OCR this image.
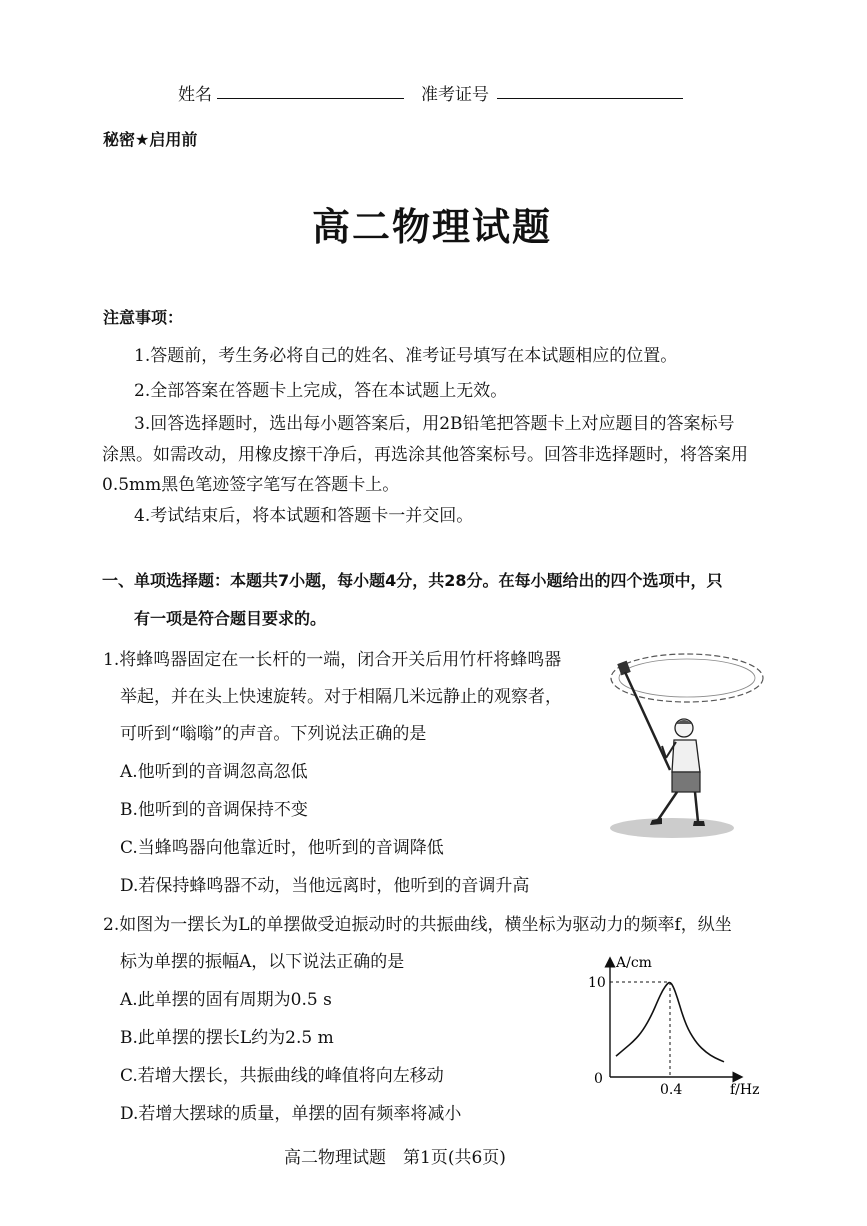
姓名	准考证号
秘密★启用前
高二物理试题
注意事项：
1.答题前，考生务必将自己的姓名、准考证号填写在本试题相应的位置。
2.全部答案在答题卡上完成，答在本试题上无效。
3.回答选择题时，选出每小题答案后，用2B铅笔把答题卡上对应题目的答案标号
涂黑。如需改动，用橡皮擦干净后，再选涂其他答案标号。回答非选择题时，将答案用
0.5mm黑色笔迹签字笔写在答题卡上。
4.考试结束后，将本试题和答题卡一并交回。
一、单项选择题：本题共7小题，每小题4分，共28分。在每小题给出的四个选项中，只
有一项是符合题目要求的。
1.将蜂鸣器固定在一长杆的一端，闭合开关后用竹杆将蜂鸣器
举起，并在头上快速旋转。对于相隔几米远静止的观察者，
可听到“嗡嗡”的声音。下列说法正确的是
A.他听到的音调忽高忽低
B.他听到的音调保持不变
C.当蜂鸣器向他靠近时，他听到的音调降低
D.若保持蜂鸣器不动，当他远离时，他听到的音调升高
2.如图为一摆长为L的单摆做受迫振动时的共振曲线，横坐标为驱动力的频率f，纵坐
标为单摆的振幅A，以下说法正确的是
A.此单摆的固有周期为0.5 s
B.此单摆的摆长L约为2.5 m
C.若增大摆长，共振曲线的峰值将向左移动
D.若增大摆球的质量，单摆的固有频率将减小
A/cm
f/Hz
0
10
0.4
高二物理试题　第1页(共6页)
